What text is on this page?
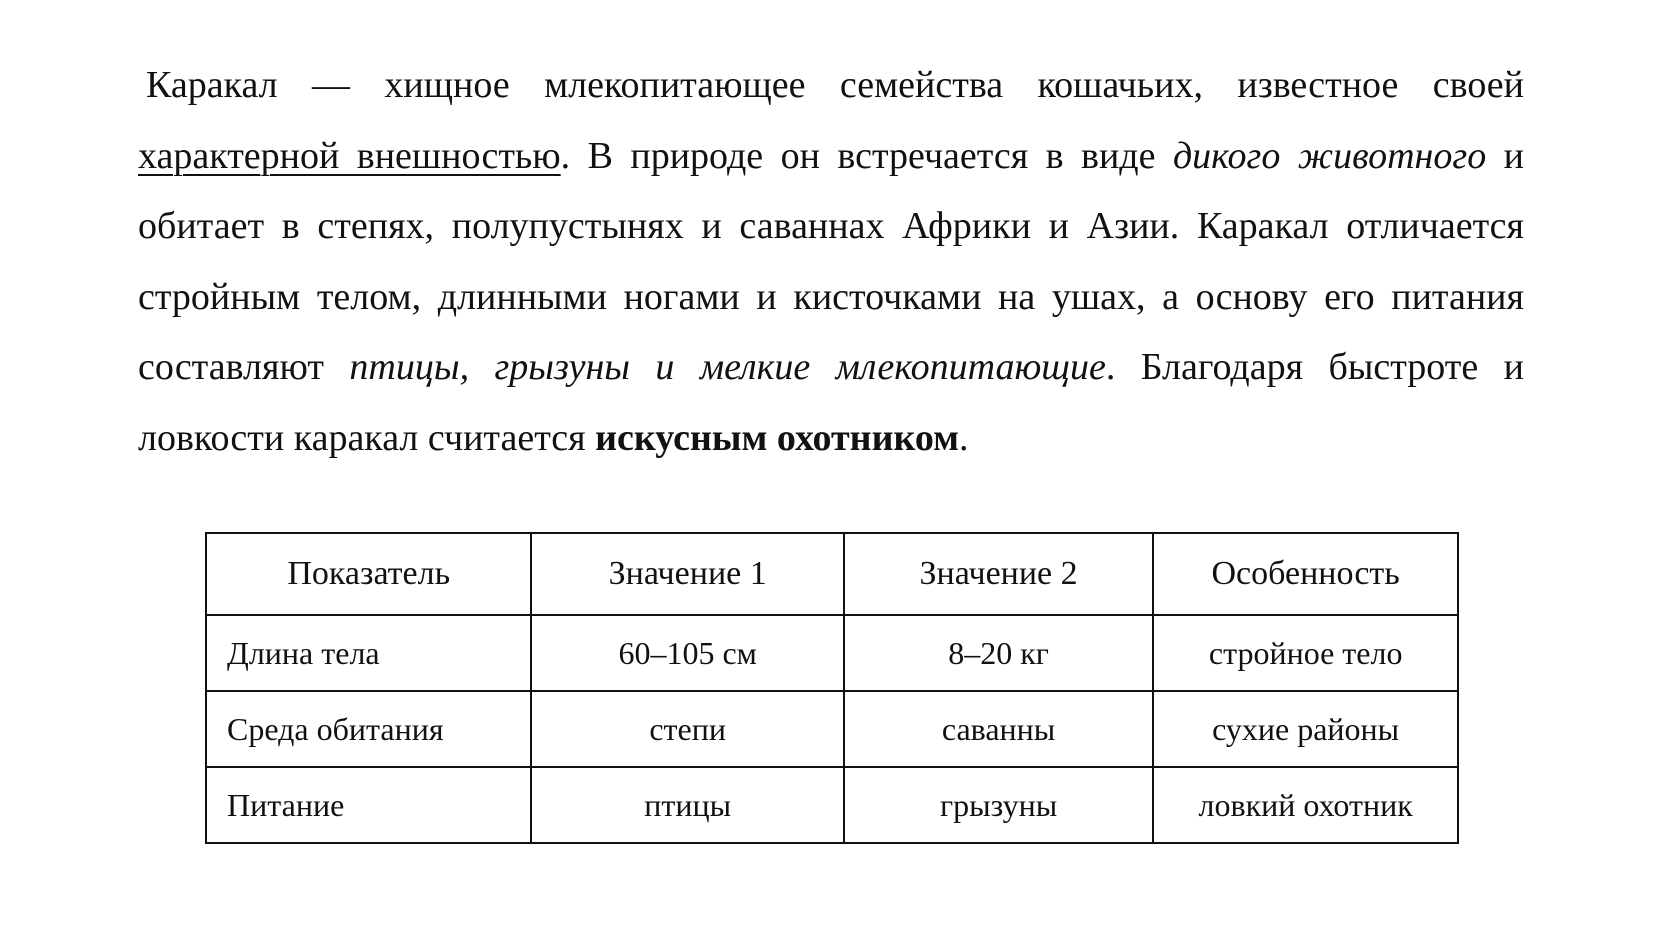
Каракал — хищное млекопитающее семейства кошачьих, известное своей характерной внешностью. В природе он встречается в виде дикого животного и обитает в степях, полупустынях и саваннах Африки и Азии. Каракал отличается стройным телом, длинными ногами и кисточками на ушах, а основу его питания составляют птицы, грызуны и мелкие млекопитающие. Благодаря быстроте и ловкости каракал считается искусным охотником.

Показатель	Значение 1	Значение 2	Особенность
Длина тела	60–105 см	8–20 кг	стройное тело
Среда обитания	степи	саванны	сухие районы
Питание	птицы	грызуны	ловкий охотник
